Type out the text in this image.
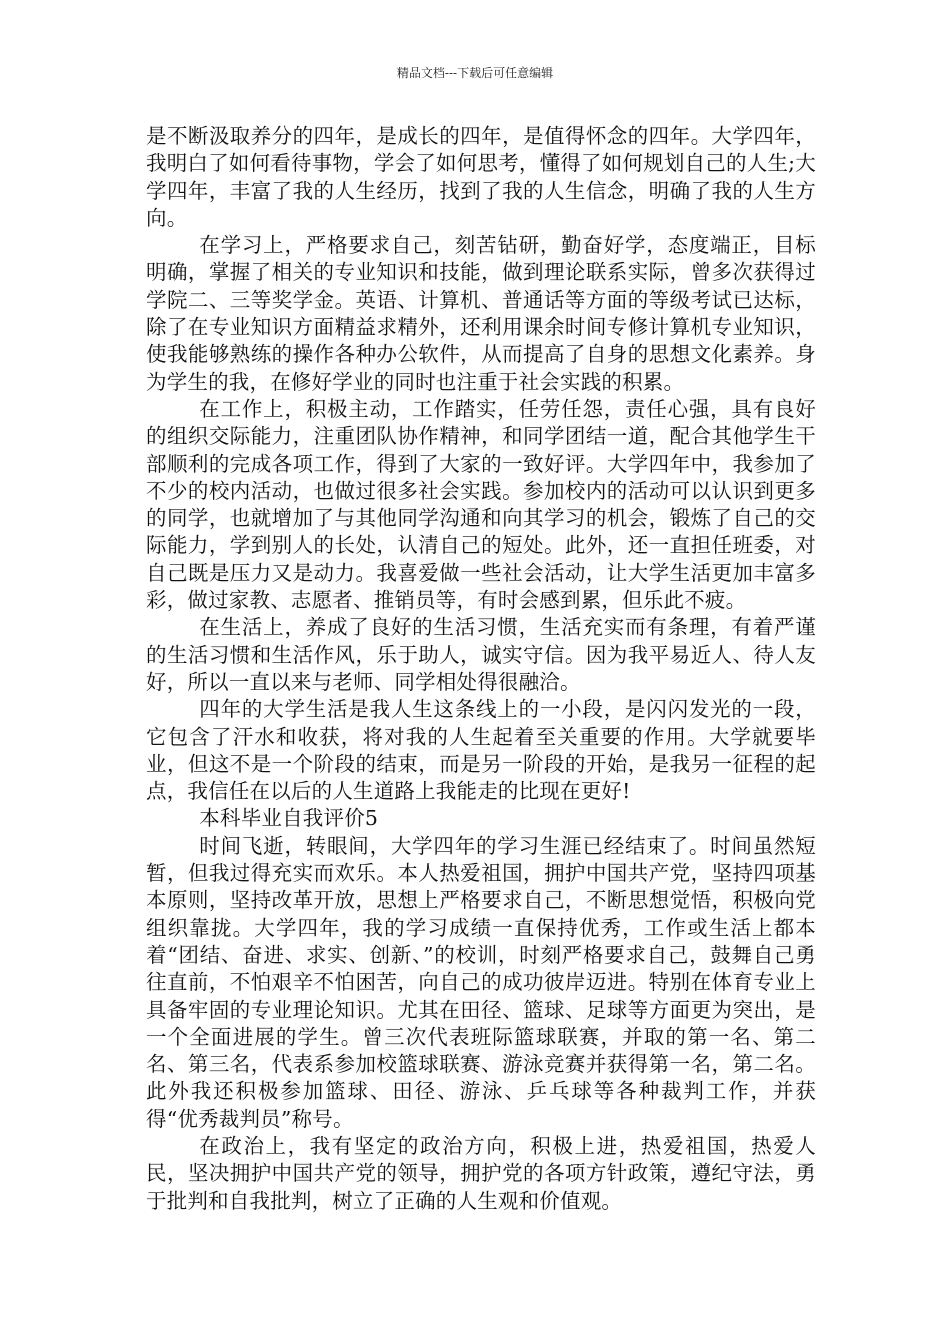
精品文档---下载后可任意编辑

是不断汲取养分的四年，是成长的四年，是值得怀念的四年。大学四年，我明白了如何看待事物，学会了如何思考，懂得了如何规划自己的人生;大学四年，丰富了我的人生经历，找到了我的人生信念，明确了我的人生方向。

在学习上，严格要求自己，刻苦钻研，勤奋好学，态度端正，目标明确，掌握了相关的专业知识和技能，做到理论联系实际，曾多次获得过学院二、三等奖学金。英语、计算机、普通话等方面的等级考试已达标，除了在专业知识方面精益求精外，还利用课余时间专修计算机专业知识，使我能够熟练的操作各种办公软件，从而提高了自身的思想文化素养。身为学生的我，在修好学业的同时也注重于社会实践的积累。

在工作上，积极主动，工作踏实，任劳任怨，责任心强，具有良好的组织交际能力，注重团队协作精神，和同学团结一道，配合其他学生干部顺利的完成各项工作，得到了大家的一致好评。大学四年中，我参加了不少的校内活动，也做过很多社会实践。参加校内的活动可以认识到更多的同学，也就增加了与其他同学沟通和向其学习的机会，锻炼了自己的交际能力，学到别人的长处，认清自己的短处。此外，还一直担任班委，对自己既是压力又是动力。我喜爱做一些社会活动，让大学生活更加丰富多彩，做过家教、志愿者、推销员等，有时会感到累，但乐此不疲。

在生活上，养成了良好的生活习惯，生活充实而有条理，有着严谨的生活习惯和生活作风，乐于助人，诚实守信。因为我平易近人、待人友好，所以一直以来与老师、同学相处得很融洽。

四年的大学生活是我人生这条线上的一小段，是闪闪发光的一段，它包含了汗水和收获，将对我的人生起着至关重要的作用。大学就要毕业，但这不是一个阶段的结束，而是另一阶段的开始，是我另一征程的起点，我信任在以后的人生道路上我能走的比现在更好!

本科毕业自我评价5

时间飞逝，转眼间，大学四年的学习生涯已经结束了。时间虽然短暂，但我过得充实而欢乐。本人热爱祖国，拥护中国共产党，坚持四项基本原则，坚持改革开放，思想上严格要求自己，不断思想觉悟，积极向党组织靠拢。大学四年，我的学习成绩一直保持优秀，工作或生活上都本着“团结、奋进、求实、创新、”的校训，时刻严格要求自己，鼓舞自己勇往直前，不怕艰辛不怕困苦，向自己的成功彼岸迈进。特别在体育专业上具备牢固的专业理论知识。尤其在田径、篮球、足球等方面更为突出，是一个全面进展的学生。曾三次代表班际篮球联赛，并取的第一名、第二名、第三名，代表系参加校篮球联赛、游泳竞赛并获得第一名，第二名。此外我还积极参加篮球、田径、游泳、乒乓球等各种裁判工作，并获得“优秀裁判员”称号。

在政治上，我有坚定的政治方向，积极上进，热爱祖国，热爱人民，坚决拥护中国共产党的领导，拥护党的各项方针政策，遵纪守法，勇于批判和自我批判，树立了正确的人生观和价值观。
